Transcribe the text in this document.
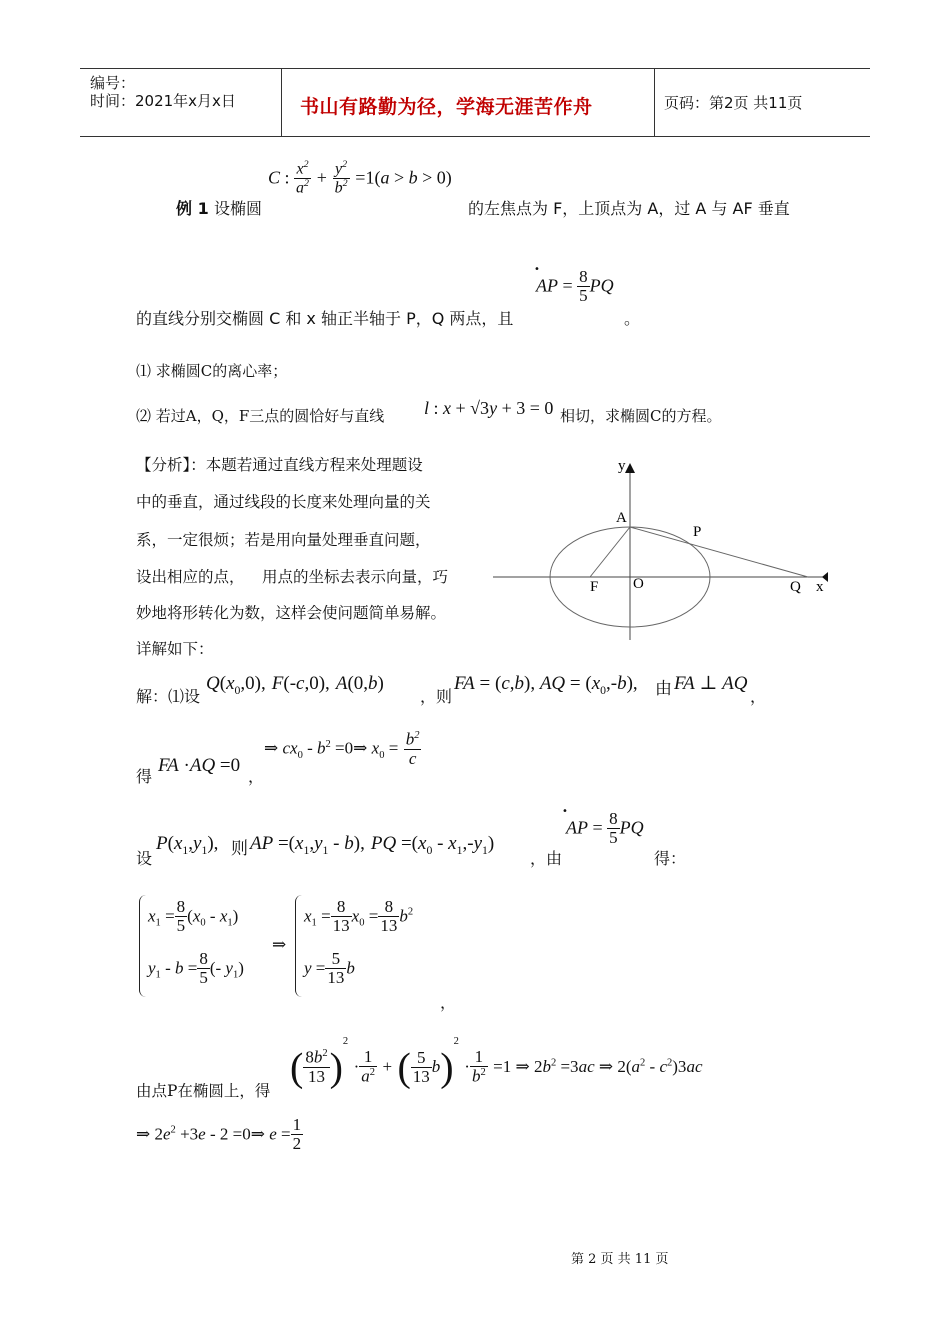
编号：
时间：2021年x月x日	书山有路勤为径，学海无涯苦作舟	页码：第2页 共11页
例 1 设椭圆
C : $\frac{x^2}{a^2} + \frac{y^2}{b^2} =1(a > b > 0)$
的左焦点为 F，上顶点为 A，过 A 与 AF 垂直
的直线分别交椭圆 C 和 x 轴正半轴于 P，Q 两点，且
•
AP = $\frac{8}{5}$ PQ
。
⑴ 求椭圆C的离心率；
⑵ 若过A，Q，F三点的圆恰好与直线 l : x + √3y + 3 = 0 相切，求椭圆C的方程。
【分析】：本题若通过直线方程来处理题设
中的垂直，通过线段的长度来处理向量的关
系，一定很烦；若是用向量处理垂直问题，
设出相应的点， 用点的坐标去表示向量，巧
妙地将形转化为数，这样会使问题简单易解。
详解如下：
y
x
A
P
F O	Q
解：⑴设
$Q(x_0,0)$, F(-c,0), A(0,b)
，则
FA = (c,b), AQ = $(x_0,-b)$, 由 FA ⊥ AQ
，
得
FA ·AQ =0
，
⇒ $cx_0 - b^2$ =0⇒ $x_0 = \frac{b^2}{c}$
设
$P(x_1,y_1)$, 则 AP $=(x_1,y_1 - b)$, PQ $=(x_0 - x_1,-y_1)$
，由
•
AP = $\frac{8}{5}$ PQ
得：
$x_1 = \frac{8}{5} (x_0 - x_1)$
$y_1 - b = \frac{8}{5}$ (- $y_1$)
⇒
$x_1 = \frac{8}{13} x_0 = \frac{8}{13} b^2$
$y = \frac{5}{13}$ b
，
由点P在椭圆上，得
( $\frac{8b^2}{13} )^2 \cdot \frac{1}{a^2}$ + ( $\frac{5}{13} b)^2 \cdot \frac{1}{b^2} =1$ ⇒ $2b^2 =3ac$ ⇒ $2(a^2 - c^2)3ac$
⇒ $2e^2 +3e - 2$ =0⇒ $e = \frac{1}{2}$
第 2 页 共 11 页
